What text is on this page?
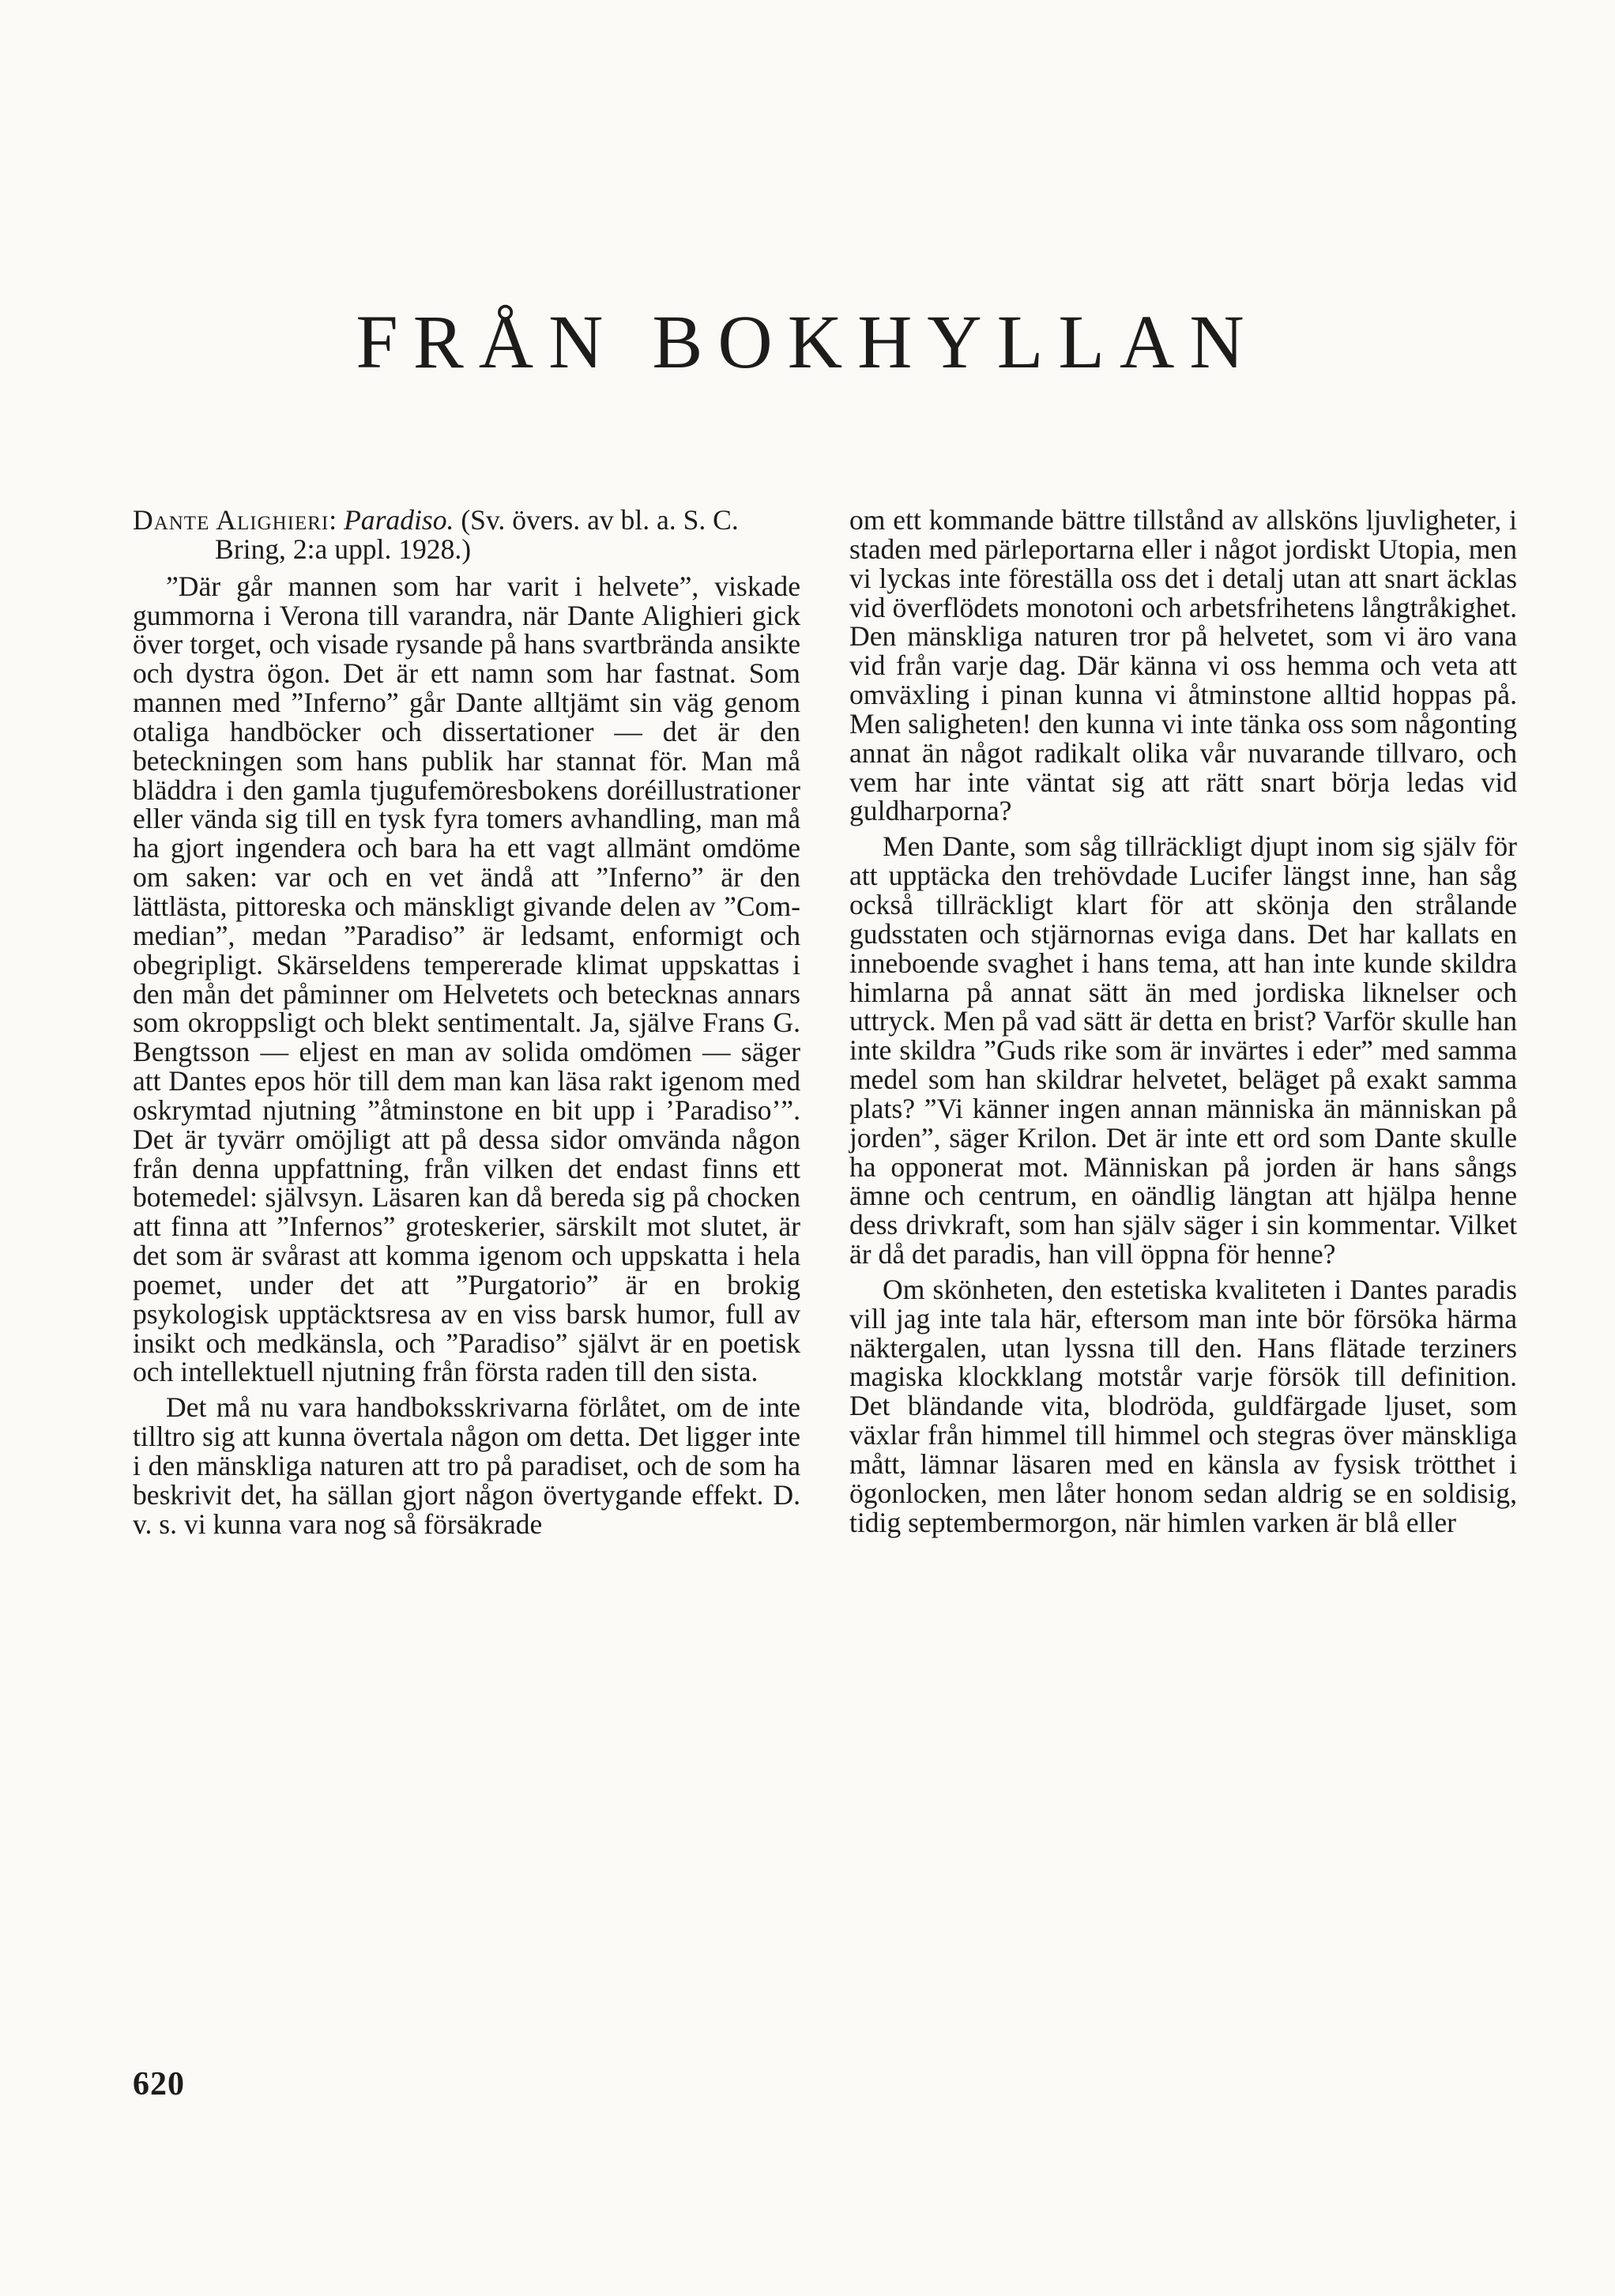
FRÅN BOKHYLLAN

Dante Alighieri: Paradiso. (Sv. övers. av bl. a. S. C. Bring, 2:a uppl. 1928.)

”Där går mannen som har varit i helvete”, viskade gummorna i Verona till varandra, när Dante Alighieri gick över torget, och visade rysande på hans svartbrända ansikte och dystra ögon. Det är ett namn som har fastnat. Som mannen med ”Inferno” går Dante alltjämt sin väg genom otaliga handböcker och dissertationer — det är den beteckningen som hans publik har stannat för. Man må bläddra i den gamla tjugufemöresbokens doréillustrationer eller vända sig till en tysk fyra tomers avhandling, man må ha gjort ingendera och bara ha ett vagt allmänt omdöme om saken: var och en vet ändå att ”Inferno” är den lättlästa, pittoreska och mänskligt givande delen av ”Commedian”, medan ”Paradiso” är ledsamt, enformigt och obegripligt. Skärseldens tempererade klimat uppskattas i den mån det påminner om Helvetets och betecknas annars som okroppsligt och blekt sentimentalt. Ja, själve Frans G. Bengtsson — eljest en man av solida omdömen — säger att Dantes epos hör till dem man kan läsa rakt igenom med oskrymtad njutning ”åtminstone en bit upp i ’Paradiso’”. Det är tyvärr omöjligt att på dessa sidor omvända någon från denna uppfattning, från vilken det endast finns ett botemedel: självsyn. Läsaren kan då bereda sig på chocken att finna att ”Infernos” groteskerier, särskilt mot slutet, är det som är svårast att komma igenom och uppskatta i hela poemet, under det att ”Purgatorio” är en brokig psykologisk upptäcktsresa av en viss barsk humor, full av insikt och medkänsla, och ”Paradiso” självt är en poetisk och intellektuell njutning från första raden till den sista.

Det må nu vara handboksskrivarna förlåtet, om de inte tilltro sig att kunna övertala någon om detta. Det ligger inte i den mänskliga naturen att tro på paradiset, och de som ha beskrivit det, ha sällan gjort någon övertygande effekt. D. v. s. vi kunna vara nog så försäkrade

om ett kommande bättre tillstånd av allsköns ljuvligheter, i staden med pärleportarna eller i något jordiskt Utopia, men vi lyckas inte föreställa oss det i detalj utan att snart äcklas vid överflödets monotoni och arbetsfrihetens långtråkighet. Den mänskliga naturen tror på helvetet, som vi äro vana vid från varje dag. Där känna vi oss hemma och veta att omväxling i pinan kunna vi åtminstone alltid hoppas på. Men saligheten! den kunna vi inte tänka oss som någonting annat än något radikalt olika vår nuvarande tillvaro, och vem har inte väntat sig att rätt snart börja ledas vid guldharporna?

Men Dante, som såg tillräckligt djupt inom sig själv för att upptäcka den trehövdade Lucifer längst inne, han såg också tillräckligt klart för att skönja den strålande gudsstaten och stjärnornas eviga dans. Det har kallats en inneboende svaghet i hans tema, att han inte kunde skildra himlarna på annat sätt än med jordiska liknelser och uttryck. Men på vad sätt är detta en brist? Varför skulle han inte skildra ”Guds rike som är invärtes i eder” med samma medel som han skildrar helvetet, beläget på exakt samma plats? ”Vi känner ingen annan människa än människan på jorden”, säger Krilon. Det är inte ett ord som Dante skulle ha opponerat mot. Människan på jorden är hans sångs ämne och centrum, en oändlig längtan att hjälpa henne dess drivkraft, som han själv säger i sin kommentar. Vilket är då det paradis, han vill öppna för henne?

Om skönheten, den estetiska kvaliteten i Dantes paradis vill jag inte tala här, eftersom man inte bör försöka härma näktergalen, utan lyssna till den. Hans flätade terziners magiska klockklang motstår varje försök till definition. Det bländande vita, blodröda, guldfärgade ljuset, som växlar från himmel till himmel och stegras över mänskliga mått, lämnar läsaren med en känsla av fysisk trötthet i ögonlocken, men låter honom sedan aldrig se en soldisig, tidig septembermorgon, när himlen varken är blå eller

620
